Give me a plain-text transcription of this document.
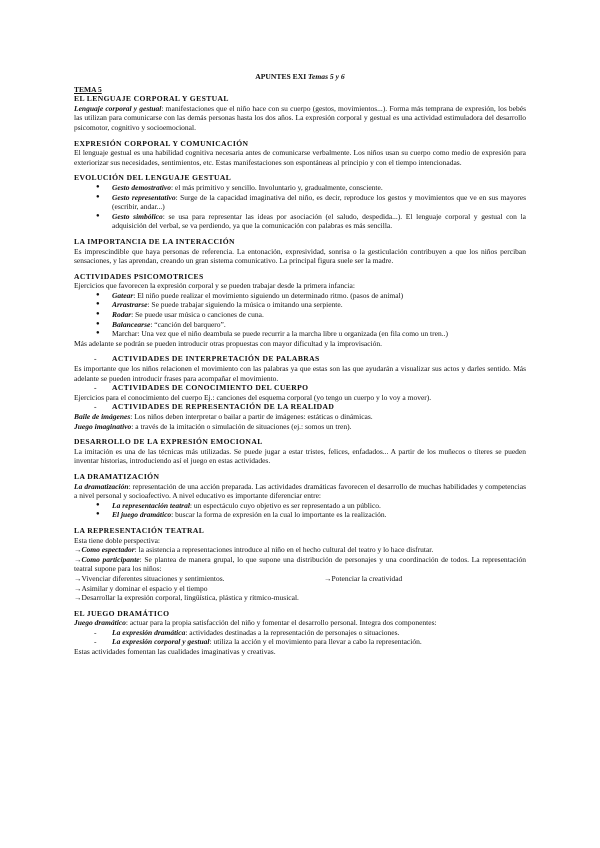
APUNTES EXI Temas 5 y 6
TEMA 5
EL LENGUAJE CORPORAL Y GESTUAL

Lenguaje corporal y gestual: manifestaciones que el niño hace con su cuerpo (gestos, movimientos...). Forma más temprana de expresión, los bebés las utilizan para comunicarse con las demás personas hasta los dos años. La expresión corporal y gestual es una actividad estimuladora del desarrollo psicomotor, cognitivo y socioemocional.

EXPRESIÓN CORPORAL Y COMUNICACIÓN

El lenguaje gestual es una habilidad cognitiva necesaria antes de comunicarse verbalmente. Los niños usan su cuerpo como medio de expresión para exteriorizar sus necesidades, sentimientos, etc. Estas manifestaciones son espontáneas al principio y con el tiempo intencionadas.

EVOLUCIÓN DEL LENGUAJE GESTUAL
● Gesto demostrativo: el más primitivo y sencillo. Involuntario y, gradualmente, consciente.
● Gesto representativo: Surge de la capacidad imaginativa del niño, es decir, reproduce los gestos y movimientos que ve en sus mayores (escribir, andar...)
● Gesto simbólico: se usa para representar las ideas por asociación (el saludo, despedida...). El lenguaje corporal y gestual con la adquisición del verbal, se va perdiendo, ya que la comunicación con palabras es más sencilla.
LA IMPORTANCIA DE LA INTERACCIÓN

Es imprescindible que haya personas de referencia. La entonación, expresividad, sonrisa o la gesticulación contribuyen a que los niños perciban sensaciones, y las aprendan, creando un gran sistema comunicativo. La principal figura suele ser la madre.

ACTIVIDADES PSICOMOTRICES

Ejercicios que favorecen la expresión corporal y se pueden trabajar desde la primera infancia:

● Gatear: El niño puede realizar el movimiento siguiendo un determinado ritmo. (pasos de animal)
● Arrastrarse: Se puede trabajar siguiendo la música o imitando una serpiente.
● Rodar: Se puede usar música o canciones de cuna.
● Balancearse: “canción del barquero”.
● Marchar: Una vez que el niño deambula se puede recurrir a la marcha libre u organizada (en fila como un tren..)

Más adelante se podrán se pueden introducir otras propuestas con mayor dificultad y la improvisación.

- ACTIVIDADES DE INTERPRETACIÓN DE PALABRAS

Es importante que los niños relacionen el movimiento con las palabras ya que estas son las que ayudarán a visualizar sus actos y darles sentido. Más adelante se pueden introducir frases para acompañar el movimiento.

- ACTIVIDADES DE CONOCIMIENTO DEL CUERPO

Ejercicios para el conocimiento del cuerpo Ej.: canciones del esquema corporal (yo tengo un cuerpo y lo voy a mover).

- ACTIVIDADES DE REPRESENTACIÓN DE LA REALIDAD

Baile de imágenes: Los niños deben interpretar o bailar a partir de imágenes: estáticas o dinámicas.

Juego imaginativo: a través de la imitación o simulación de situaciones (ej.: somos un tren).

DESARROLLO DE LA EXPRESIÓN EMOCIONAL

La imitación es una de las técnicas más utilizadas. Se puede jugar a estar tristes, felices, enfadados... A partir de los muñecos o títeres se pueden inventar historias, introduciendo así el juego en estas actividades.

LA DRAMATIZACIÓN

La dramatización: representación de una acción preparada. Las actividades dramáticas favorecen el desarrollo de muchas habilidades y competencias a nivel personal y socioafectivo. A nivel educativo es importante diferenciar entre:

● La representación teatral: un espectáculo cuyo objetivo es ser representado a un público.
● El juego dramático: buscar la forma de expresión en la cual lo importante es la realización.
LA REPRESENTACIÓN TEATRAL

Esta tiene doble perspectiva:

→Como espectador: la asistencia a representaciones introduce al niño en el hecho cultural del teatro y lo hace disfrutar.

→Como participante: Se plantea de manera grupal, lo que supone una distribución de personajes y una coordinación de todos. La representación teatral supone para los niños:

→Vivenciar diferentes situaciones y sentimientos.	→Potenciar la creatividad

→Asimilar y dominar el espacio y el tiempo

→Desarrollar la expresión corporal, lingüística, plástica y rítmico-musical.

EL JUEGO DRAMÁTICO

Juego dramático: actuar para la propia satisfacción del niño y fomentar el desarrollo personal. Integra dos componentes:

- La expresión dramática: actividades destinadas a la representación de personajes o situaciones.
- La expresión corporal y gestual: utiliza la acción y el movimiento para llevar a cabo la representación.

Estas actividades fomentan las cualidades imaginativas y creativas.
